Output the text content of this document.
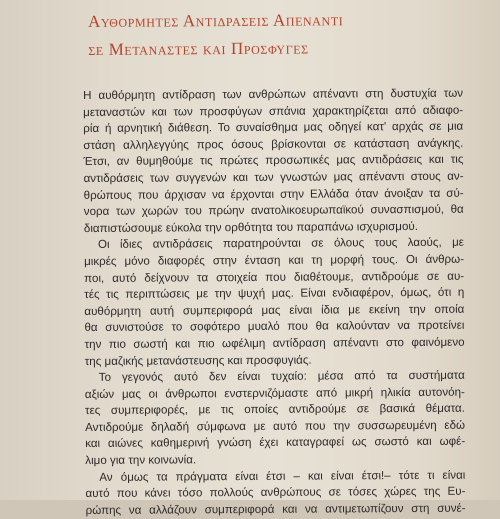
Αυθορμητες Αντιδρασεις Απεναντι
σε Μεταναστες και Προσφυγες
Η αυθόρμητη αντίδραση των ανθρώπων απέναντι στη δυστυχία των
μεταναστών και των προσφύγων σπάνια χαρακτηρίζεται από αδιαφο-
ρία ή αρνητική διάθεση. Το συναίσθημα μας οδηγεί κατ' αρχάς σε μια
στάση αλληλεγγύης προς όσους βρίσκονται σε κατάσταση ανάγκης.
Έτσι, αν θυμηθούμε τις πρώτες προσωπικές μας αντιδράσεις και τις
αντιδράσεις των συγγενών και των γνωστών μας απέναντι στους αν-
θρώπους που άρχισαν να έρχονται στην Ελλάδα όταν άνοιξαν τα σύ-
νορα των χωρών του πρώην ανατολικοευρωπαϊκού συνασπισμού, θα
διαπιστώσουμε εύκολα την ορθότητα του παραπάνω ισχυρισμού.
Οι ίδιες αντιδράσεις παρατηρούνται σε όλους τους λαούς, με
μικρές μόνο διαφορές στην ένταση και τη μορφή τους. Οι άνθρω-
ποι, αυτό δείχνουν τα στοιχεία που διαθέτουμε, αντιδρούμε σε αυ-
τές τις περιπτώσεις με την ψυχή μας. Είναι ενδιαφέρον, όμως, ότι η
αυθόρμητη αυτή συμπεριφορά μας είναι ίδια με εκείνη την οποία
θα συνιστούσε το σοφότερο μυαλό που θα καλούνταν να προτείνει
την πιο σωστή και πιο ωφέλιμη αντίδραση απέναντι στο φαινόμενο
της μαζικής μετανάστευσης και προσφυγιάς.
Το γεγονός αυτό δεν είναι τυχαίο: μέσα από τα συστήματα
αξιών μας οι άνθρωποι ενστερνιζόμαστε από μικρή ηλικία αυτονόη-
τες συμπεριφορές, με τις οποίες αντιδρούμε σε βασικά θέματα.
Αντιδρούμε δηλαδή σύμφωνα με αυτό που την συσσωρευμένη εδώ
και αιώνες καθημερινή γνώση έχει καταγραφεί ως σωστό και ωφέ-
λιμο για την κοινωνία.
Αν όμως τα πράγματα είναι έτσι – και είναι έτσι!– τότε τι είναι
αυτό που κάνει τόσο πολλούς ανθρώπους σε τόσες χώρες της Ευ-
ρώπης να αλλάζουν συμπεριφορά και να αντιμετωπίζουν στη συνέ-
